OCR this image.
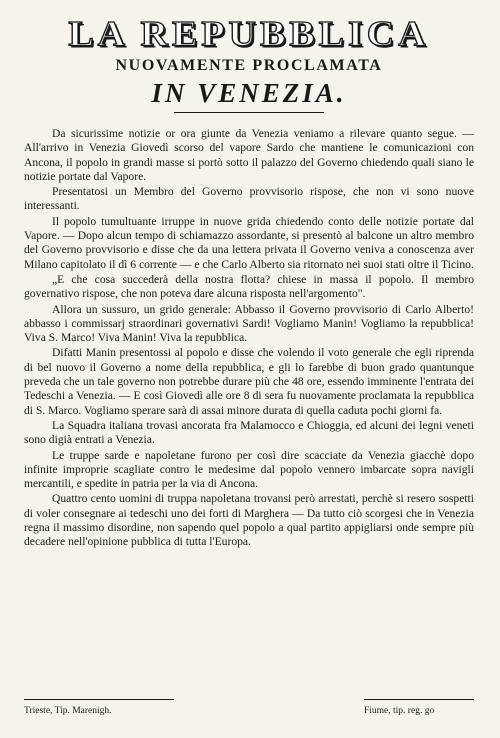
LA REPUBBLICA
NUOVAMENTE PROCLAMATA
IN VENEZIA.

Da sicurissime notizie or ora giunte da Venezia veniamo a rilevare quanto segue. — All'arrivo in Venezia Giovedì scorso del vapore Sardo che mantiene le comunicazioni con Ancona, il popolo in grandi masse si portò sotto il palazzo del Governo chiedendo quali siano le notizie portate dal Vapore.

Presentatosi un Membro del Governo provvisorio rispose, che non vi sono nuove interessanti.

Il popolo tumultuante irruppe in nuove grida chiedendo conto delle notizie portate dal Vapore. — Dopo alcun tempo di schiamazzo assordante, si presentò al balcone un altro membro del Governo provvisorio e disse che da una lettera privata il Governo veniva a conoscenza aver Milano capitolato il dì 6 corrente — e che Carlo Alberto sia ritornato nei suoi stati oltre il Ticino.

„E che cosa succederà della nostra flotta? chiese in massa il popolo. Il membro governativo rispose, che non poteva dare alcuna risposta nell'argomento".

Allora un sussuro, un grido generale: Abbasso il Governo provvisorio di Carlo Alberto! abbasso i commissarj straordinari governativi Sardi! Vogliamo Manin! Vogliamo la repubblica! Viva S. Marco! Viva Manin! Viva la repubblica.

Difatti Manin presentossi al popolo e disse che volendo il voto generale che egli riprenda di bel nuovo il Governo a nome della repubblica, e gli lo farebbe di buon grado quantunque preveda che un tale governo non potrebbe durare più che 48 ore, essendo imminente l'entrata dei Tedeschi a Venezia. — E così Giovedì alle ore 8 di sera fu nuovamente proclamata la repubblica di S. Marco. Vogliamo sperare sarà di assai minore durata di quella caduta pochi giorni fa.

La Squadra italiana trovasi ancorata fra Malamocco e Chioggia, ed alcuni dei legni veneti sono digià entrati a Venezia.

Le truppe sarde e napoletane furono per così dire scacciate da Venezia giacchè dopo infinite improprie scagliate contro le medesime dal popolo vennero imbarcate sopra navigli mercantili, e spedite in patria per la via di Ancona.

Quattro cento uomini di truppa napoletana trovansi però arrestati, perchè si resero sospetti di voler consegnare ai tedeschi uno dei forti di Marghera — Da tutto ciò scorgesi che in Venezia regna il massimo disordine, non sapendo quel popolo a qual partito appigliarsi onde sempre più decadere nell'opinione pubblica di tutta l'Europa.

Trieste, Tip. Marenigh.	Fiume, tip. reg. go
